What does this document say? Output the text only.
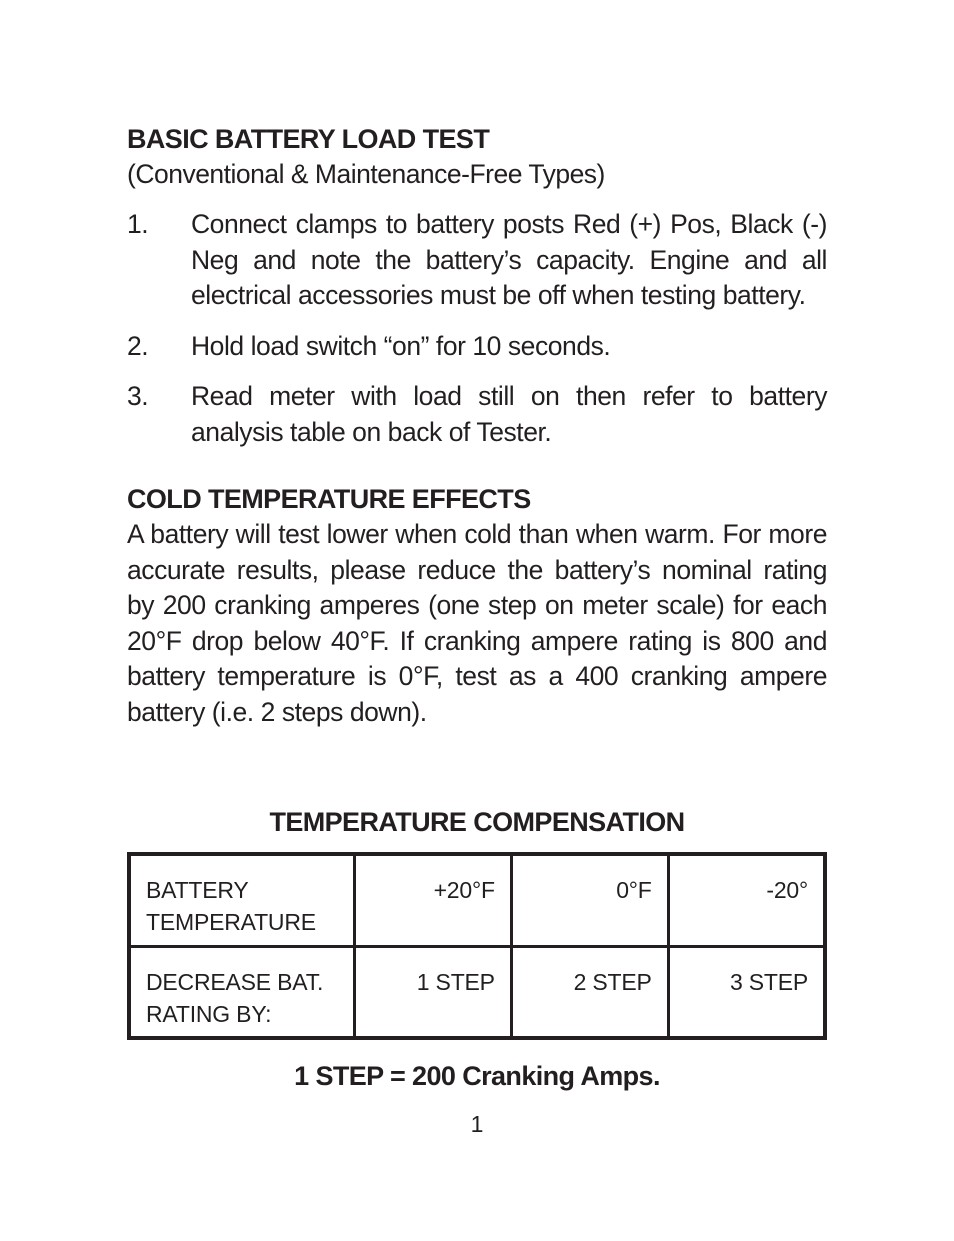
BASIC BATTERY LOAD TEST

(Conventional & Maintenance-Free Types)

1.	Connect clamps to battery posts Red (+) Pos, Black (-) Neg and note the battery’s capacity. Engine and all electrical accessories must be off when testing battery.
2.	Hold load switch “on” for 10 seconds.
3.	Read meter with load still on then refer to battery analysis table on back of Tester.
COLD TEMPERATURE EFFECTS

A battery will test lower when cold than when warm. For more accurate results, please reduce the battery’s nominal rating by 200 cranking amperes (one step on meter scale) for each 20°F drop below 40°F. If cranking ampere rating is 800 and battery temperature is 0°F, test as a 400 cranking ampere battery (i.e. 2 steps down).

TEMPERATURE COMPENSATION
BATTERY
TEMPERATURE	+20°F	0°F	-20°

DECREASE BAT.
RATING BY:	1 STEP	2 STEP	3 STEP
1 STEP = 200 Cranking Amps.
1
